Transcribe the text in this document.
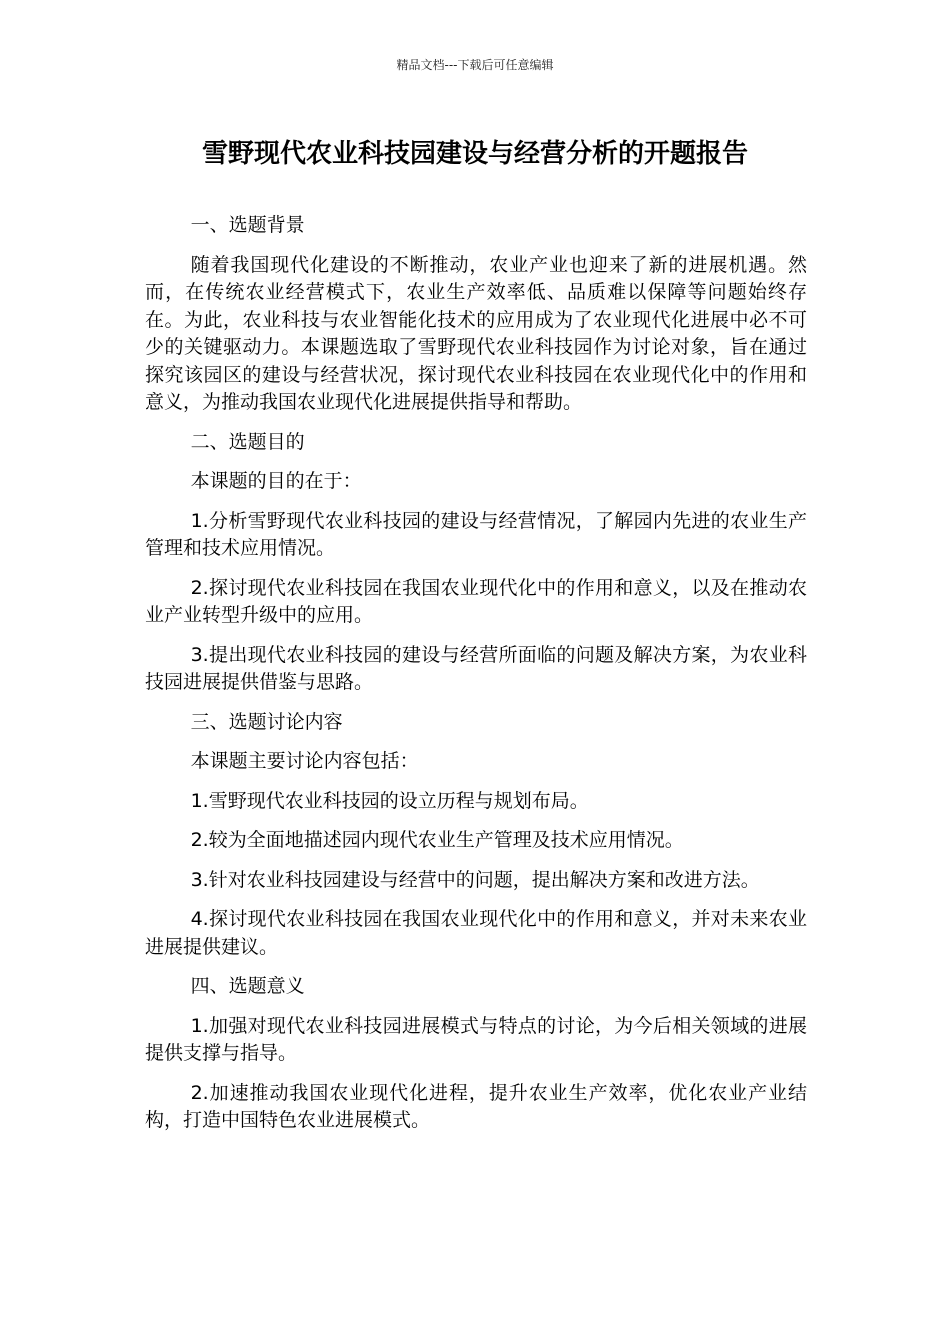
精品文档---下载后可任意编辑
雪野现代农业科技园建设与经营分析的开题报告

一、选题背景

随着我国现代化建设的不断推动，农业产业也迎来了新的进展机遇。然而，在传统农业经营模式下，农业生产效率低、品质难以保障等问题始终存在。为此，农业科技与农业智能化技术的应用成为了农业现代化进展中必不可少的关键驱动力。本课题选取了雪野现代农业科技园作为讨论对象，旨在通过探究该园区的建设与经营状况，探讨现代农业科技园在农业现代化中的作用和意义，为推动我国农业现代化进展提供指导和帮助。

二、选题目的

本课题的目的在于：

1.分析雪野现代农业科技园的建设与经营情况，了解园内先进的农业生产管理和技术应用情况。

2.探讨现代农业科技园在我国农业现代化中的作用和意义，以及在推动农业产业转型升级中的应用。

3.提出现代农业科技园的建设与经营所面临的问题及解决方案，为农业科技园进展提供借鉴与思路。

三、选题讨论内容

本课题主要讨论内容包括：

1.雪野现代农业科技园的设立历程与规划布局。

2.较为全面地描述园内现代农业生产管理及技术应用情况。

3.针对农业科技园建设与经营中的问题，提出解决方案和改进方法。

4.探讨现代农业科技园在我国农业现代化中的作用和意义，并对未来农业进展提供建议。

四、选题意义

1.加强对现代农业科技园进展模式与特点的讨论，为今后相关领域的进展提供支撑与指导。

2.加速推动我国农业现代化进程，提升农业生产效率，优化农业产业结构，打造中国特色农业进展模式。
